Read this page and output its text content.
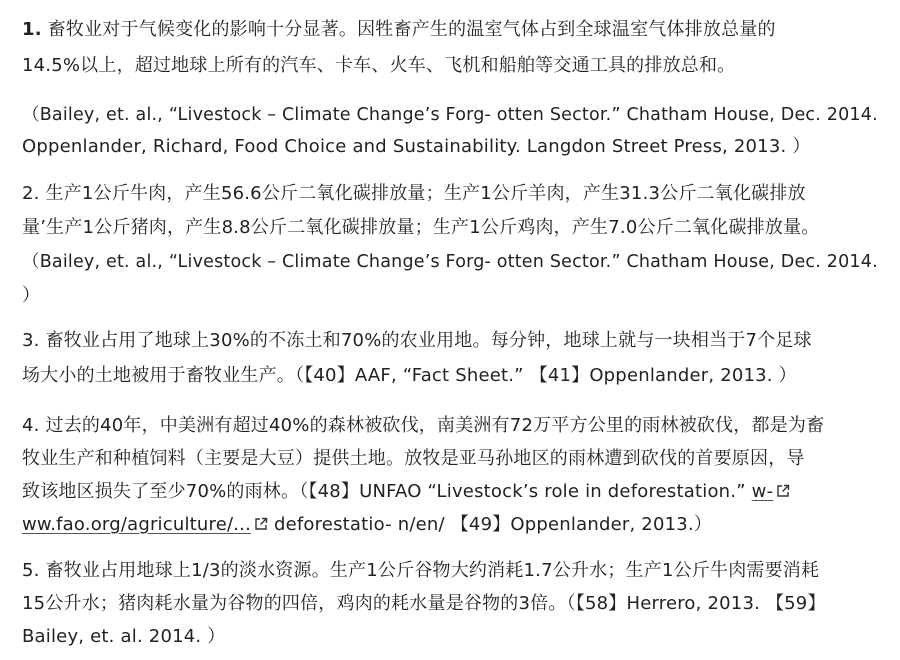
1. 畜牧业对于气候变化的影响十分显著。因牲畜产生的温室气体占到全球温室气体排放总量的
14.5%以上，超过地球上所有的汽车、卡车、火车、飞机和船舶等交通工具的排放总和。
（Bailey, et. al., “Livestock – Climate Change’s Forg- otten Sector.” Chatham House, Dec. 2014.
Oppenlander, Richard, Food Choice and Sustainability. Langdon Street Press, 2013. ）
2. 生产1公斤牛肉，产生56.6公斤二氧化碳排放量；生产1公斤羊肉，产生31.3公斤二氧化碳排放
量’生产1公斤猪肉，产生8.8公斤二氧化碳排放量；生产1公斤鸡肉，产生7.0公斤二氧化碳排放量。
（Bailey, et. al., “Livestock – Climate Change’s Forg- otten Sector.” Chatham House, Dec. 2014.
）
3. 畜牧业占用了地球上30%的不冻土和70%的农业用地。每分钟，地球上就与一块相当于7个足球
场大小的土地被用于畜牧业生产。（【40】AAF, “Fact Sheet.” 【41】Oppenlander, 2013. ）
4. 过去的40年，中美洲有超过40%的森林被砍伐，南美洲有72万平方公里的雨林被砍伐，都是为畜
牧业生产和种植饲料（主要是大豆）提供土地。放牧是亚马孙地区的雨林遭到砍伐的首要原因，导
致该地区损失了至少70%的雨林。（【48】UNFAO “Livestock’s role in deforestation.” w-
ww.fao.org/agriculture/...
deforestatio- n/en/ 【49】Oppenlander, 2013.）
5. 畜牧业占用地球上1/3的淡水资源。生产1公斤谷物大约消耗1.7公升水；生产1公斤牛肉需要消耗
15公升水；猪肉耗水量为谷物的四倍，鸡肉的耗水量是谷物的3倍。（【58】Herrero, 2013. 【59】
Bailey, et. al. 2014. ）
